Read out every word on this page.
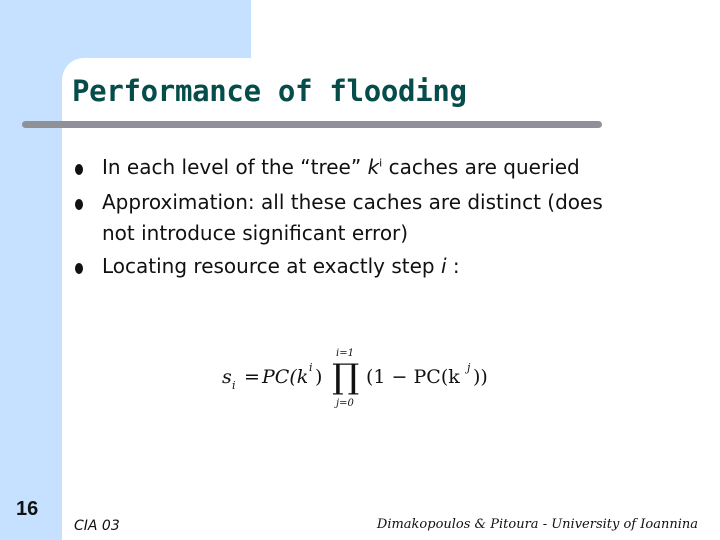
Performance of flooding

In each level of the “tree” $k^i$ caches are queried

Approximation: all these caches are distinct (does

not introduce significant error)

Locating resource at exactly step i :

s i = PC(k i )
i=1
∏
j=0
(1 − PC(k j ))

16

CIA 03	Dimakopoulos & Pitoura - University of Ioannina
